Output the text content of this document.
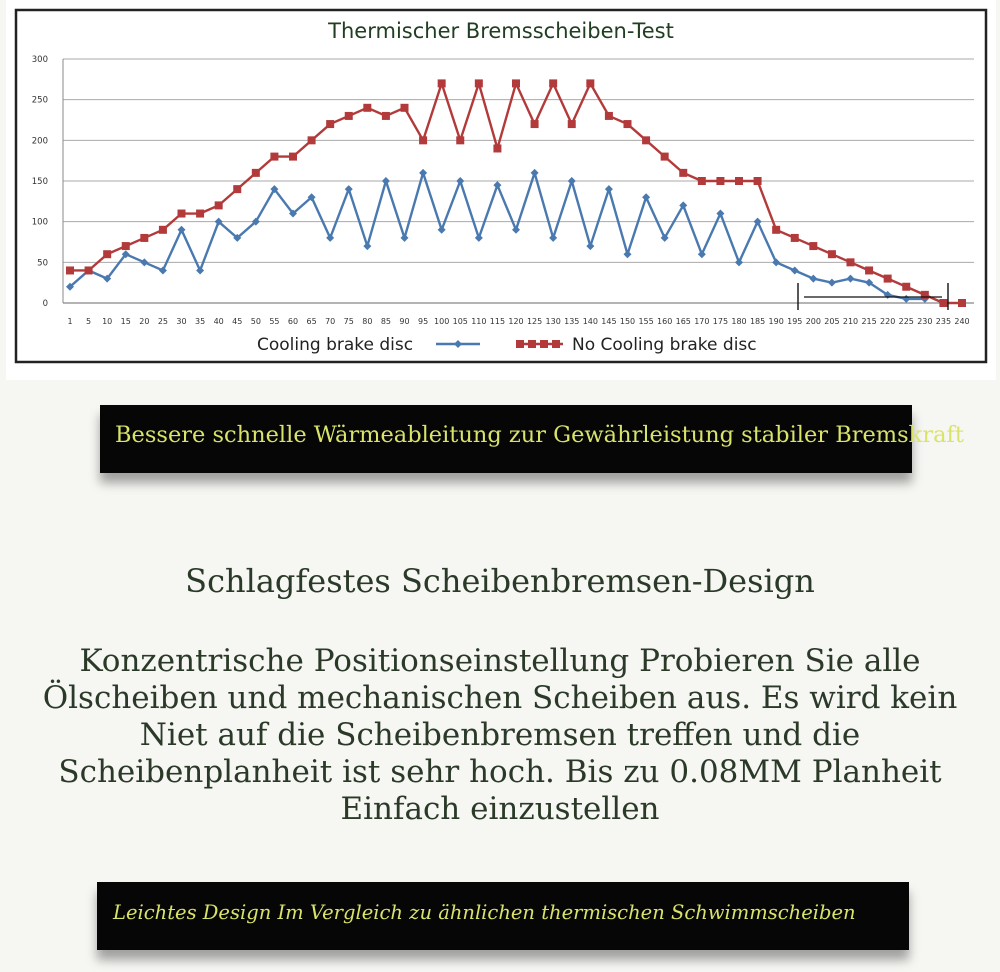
Thermischer Bremsscheiben-Test
0
50
100
150
200
250
300
1 5 10 15 20 25 30 35 40 45 50 55 60 65 70 75 80 85 90 95 100 105 110 115 120 125 130 135 140 145 150 155 160 165 170 175 180 185 190 195 200 205 210 215 220 225 230 235 240
Cooling brake disc	No Cooling brake disc
Bessere schnelle Wärmeableitung zur Gewährleistung stabiler Bremskraft
Schlagfestes Scheibenbremsen-Design
Konzentrische Positionseinstellung Probieren Sie alle
Ölscheiben und mechanischen Scheiben aus. Es wird kein
Niet auf die Scheibenbremsen treffen und die
Scheibenplanheit ist sehr hoch. Bis zu 0.08MM Planheit
Einfach einzustellen
Leichtes Design Im Vergleich zu ähnlichen thermischen Schwimmscheiben
